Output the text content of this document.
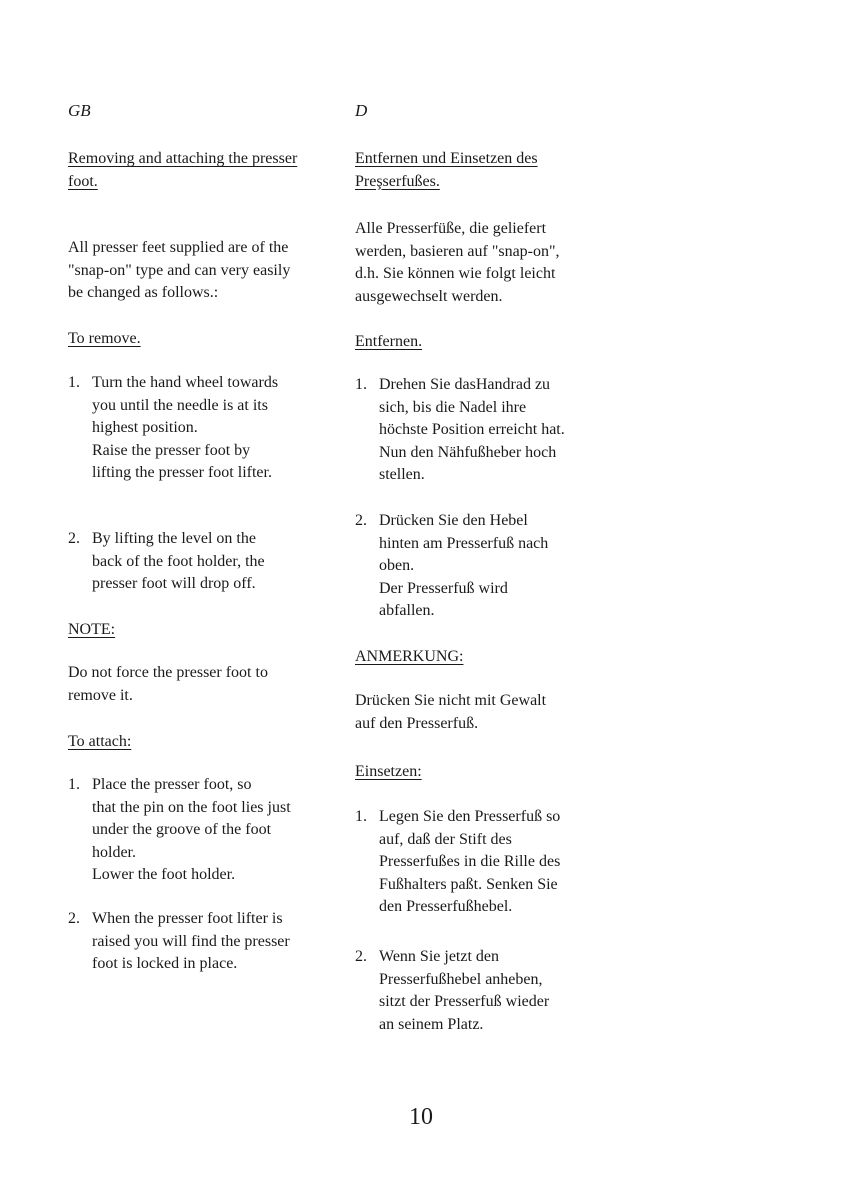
GB
Removing and attaching the presser
foot.
All presser feet supplied are of the
"snap-on" type and can very easily
be changed as follows.:
To remove.
1. Turn the hand wheel towards
you until the needle is at its
highest position.
Raise the presser foot by
lifting the presser foot lifter.
2. By lifting the level on the
back of the foot holder, the
presser foot will drop off.
NOTE:
Do not force the presser foot to
remove it.
To attach:
1. Place the presser foot, so
that the pin on the foot lies just
under the groove of the foot
holder.
Lower the foot holder.
2. When the presser foot lifter is
raised you will find the presser
foot is locked in place.
D
Entfernen und Einsetzen des
Preşserfußes.
Alle Presserfüße, die geliefert
werden, basieren auf "snap-on",
d.h. Sie können wie folgt leicht
ausgewechselt werden.
Entfernen.
1. Drehen Sie dasHandrad zu
sich, bis die Nadel ihre
höchste Position erreicht hat.
Nun den Nähfußheber hoch
stellen.
2. Drücken Sie den Hebel
hinten am Presserfuß nach
oben.
Der Presserfuß wird
abfallen.
ANMERKUNG:
Drücken Sie nicht mit Gewalt
auf den Presserfuß.
Einsetzen:
1. Legen Sie den Presserfuß so
auf, daß der Stift des
Presserfußes in die Rille des
Fußhalters paßt. Senken Sie
den Presserfußhebel.
2. Wenn Sie jetzt den
Presserfußhebel anheben,
sitzt der Presserfuß wieder
an seinem Platz.
10
